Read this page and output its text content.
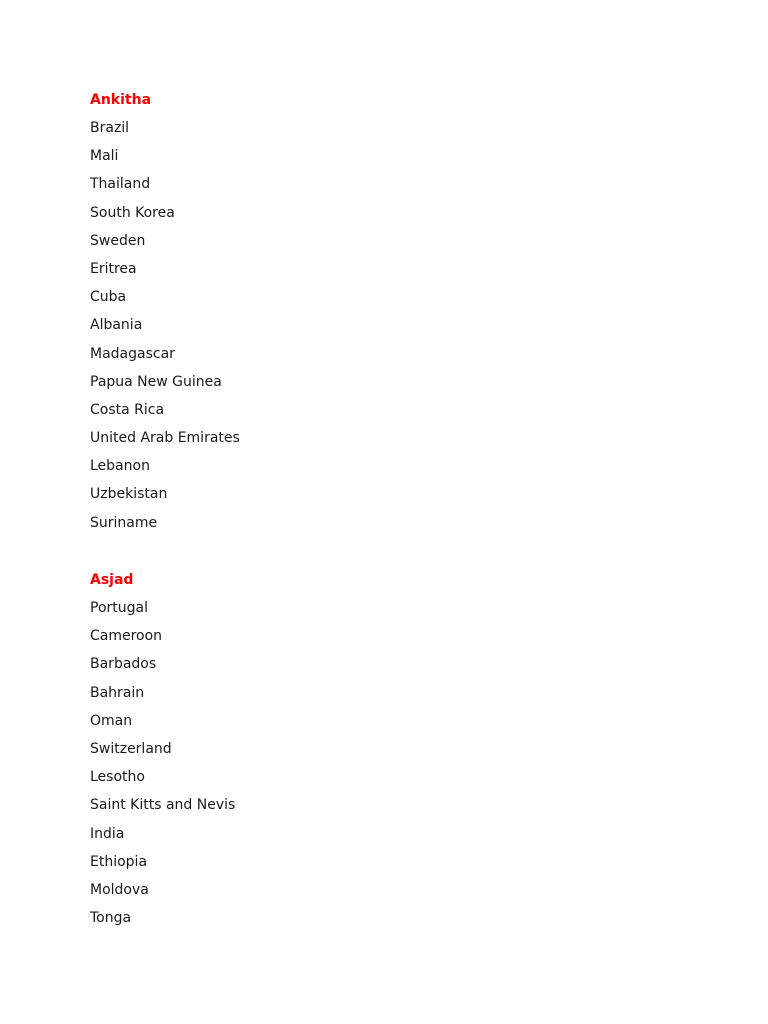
Ankitha
Brazil
Mali
Thailand
South Korea
Sweden
Eritrea
Cuba
Albania
Madagascar
Papua New Guinea
Costa Rica
United Arab Emirates
Lebanon
Uzbekistan
Suriname
Asjad
Portugal
Cameroon
Barbados
Bahrain
Oman
Switzerland
Lesotho
Saint Kitts and Nevis
India
Ethiopia
Moldova
Tonga
